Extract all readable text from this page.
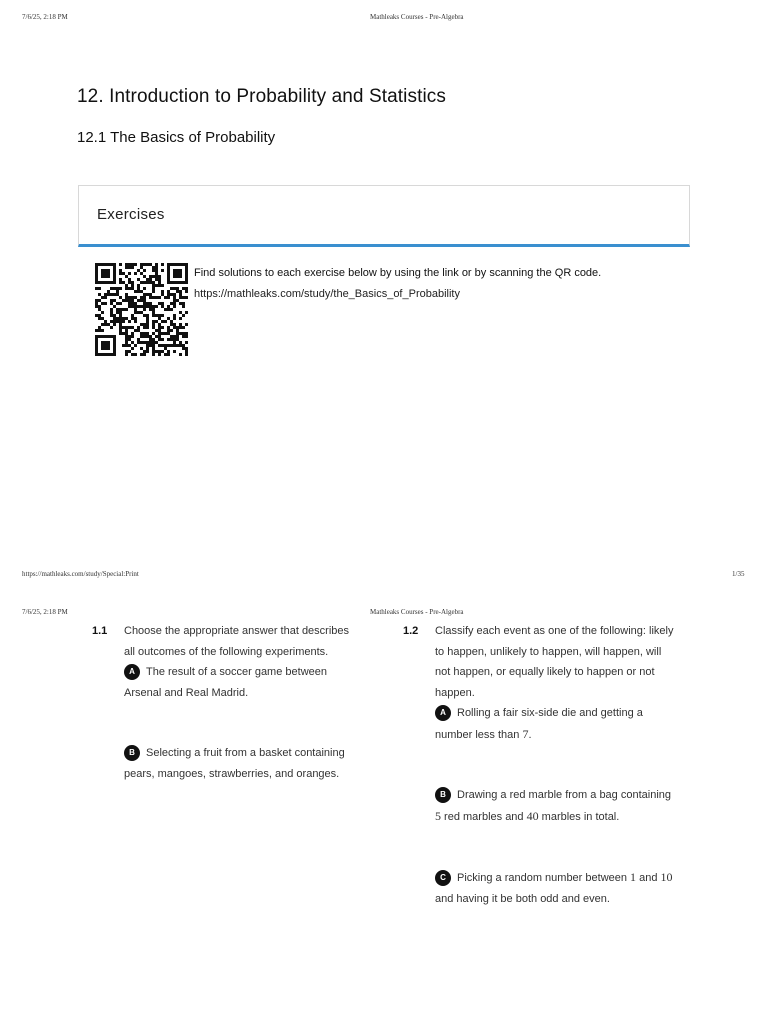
7/6/25, 2:18 PM	Mathleaks Courses - Pre-Algebra
12. Introduction to Probability and Statistics
12.1 The Basics of Probability
Exercises
Find solutions to each exercise below by using the link or by scanning the QR code.
https://mathleaks.com/study/the_Basics_of_Probability
https://mathleaks.com/study/Special:Print	1/35
7/6/25, 2:18 PM	Mathleaks Courses - Pre-Algebra
1.1 Choose the appropriate answer that describes
all outcomes of the following experiments.
A The result of a soccer game between
Arsenal and Real Madrid.
B Selecting a fruit from a basket containing
pears, mangoes, strawberries, and oranges.
1.2 Classify each event as one of the following: likely
to happen, unlikely to happen, will happen, will
not happen, or equally likely to happen or not
happen.
A Rolling a fair six-side die and getting a
number less than 7.
B Drawing a red marble from a bag containing
5 red marbles and 40 marbles in total.
C Picking a random number between 1 and 10
and having it be both odd and even.
